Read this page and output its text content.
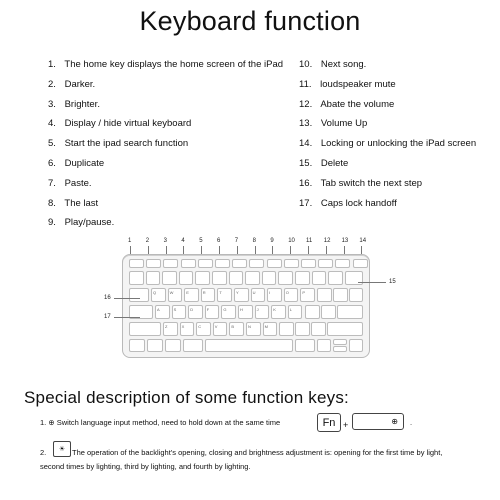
Keyboard function
1. The home key displays the home screen of the iPad
2. Darker.
3. Brighter.
4. Display / hide virtual keyboard
5. Start the ipad search function
6. Duplicate
7. Paste.
8. The last
9. Play/pause.
10. Next song.
11. loudspeaker mute
12. Abate the volume
13. Volume Up
14. Locking or unlocking the iPad screen
15. Delete
16. Tab switch the next step
17. Caps lock handoff
1 2 3 4 5 6 7 8 9 10 11 12 13 14
Q	W	E	R	T	Y	U	I	O	P
A	S	D	F	G	H	J	K	L
Z	X	C	V	B	N	M
15
16
17
Special description of some function keys:
1. ⊕ Switch language input method, need to hold down at the same time	Fn +	⊕ .
2. ☀ The operation of the backlight's opening, closing and brightness adjustment is: opening for the first time by light,
second times by lighting, third by lighting, and fourth by lighting.
